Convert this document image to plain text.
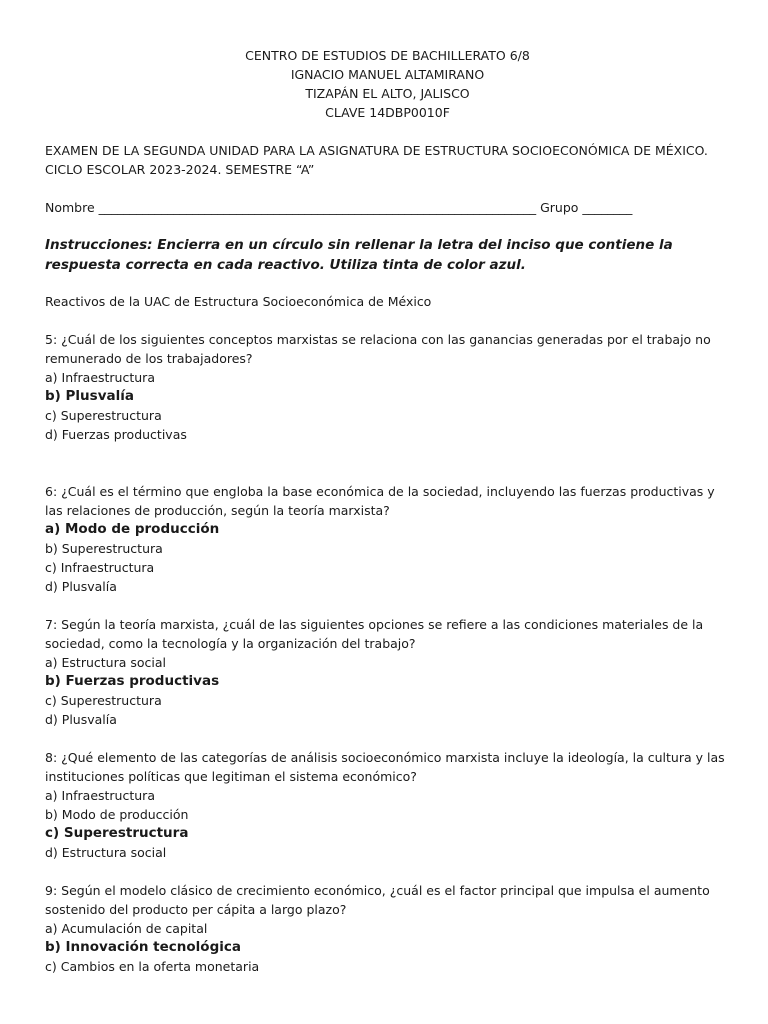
CENTRO DE ESTUDIOS DE BACHILLERATO 6/8
IGNACIO MANUEL ALTAMIRANO
TIZAPÁN EL ALTO, JALISCO
CLAVE 14DBP0010F
EXAMEN DE LA SEGUNDA UNIDAD PARA LA ASIGNATURA DE ESTRUCTURA SOCIOECONÓMICA DE MÉXICO.
CICLO ESCOLAR 2023-2024. SEMESTRE “A”
Nombre ______________________________________________________________________ Grupo ________
Instrucciones: Encierra en un círculo sin rellenar la letra del inciso que contiene la respuesta correcta en cada reactivo. Utiliza tinta de color azul.
Reactivos de la UAC de Estructura Socioeconómica de México
5: ¿Cuál de los siguientes conceptos marxistas se relaciona con las ganancias generadas por el trabajo no remunerado de los trabajadores?
a) Infraestructura
b) Plusvalía
c) Superestructura
d) Fuerzas productivas
6: ¿Cuál es el término que engloba la base económica de la sociedad, incluyendo las fuerzas productivas y las relaciones de producción, según la teoría marxista?
a) Modo de producción
b) Superestructura
c) Infraestructura
d) Plusvalía
7: Según la teoría marxista, ¿cuál de las siguientes opciones se refiere a las condiciones materiales de la sociedad, como la tecnología y la organización del trabajo?
a) Estructura social
b) Fuerzas productivas
c) Superestructura
d) Plusvalía
8: ¿Qué elemento de las categorías de análisis socioeconómico marxista incluye la ideología, la cultura y las instituciones políticas que legitiman el sistema económico?
a) Infraestructura
b) Modo de producción
c) Superestructura
d) Estructura social
9: Según el modelo clásico de crecimiento económico, ¿cuál es el factor principal que impulsa el aumento sostenido del producto per cápita a largo plazo?
a) Acumulación de capital
b) Innovación tecnológica
c) Cambios en la oferta monetaria
